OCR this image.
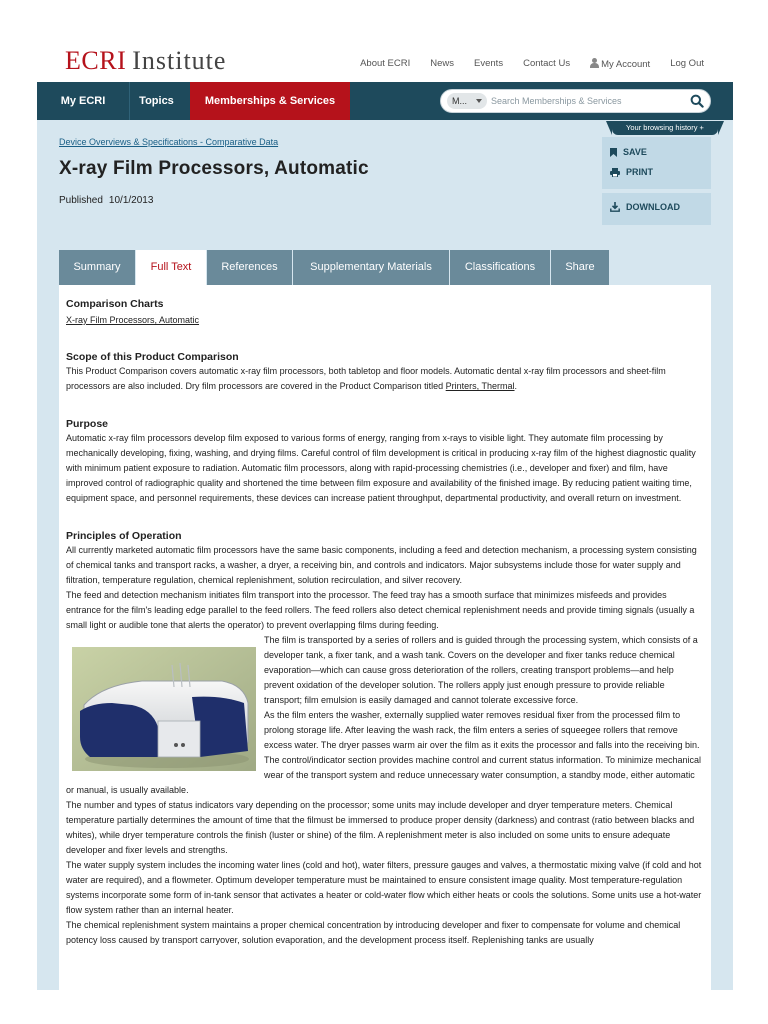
ECRI Institute	About ECRI News Events Contact Us	My Account Log Out
My ECRI	Topics	Memberships & Services	M...
Search Memberships & Services
Your browsing history +
Device Overviews & Specifications - Comparative Data
X-ray Film Processors, Automatic
Published 10/1/2013
SAVE
PRINT
DOWNLOAD
Summary	Full Text	References	Supplementary Materials	Classifications	Share
Comparison Charts

X-ray Film Processors, Automatic

Scope of this Product Comparison

This Product Comparison covers automatic x-ray film processors, both tabletop and floor models. Automatic dental x-ray film processors and sheet-film processors are also included. Dry film processors are covered in the Product Comparison titled Printers, Thermal.

Purpose

Automatic x-ray film processors develop film exposed to various forms of energy, ranging from x-rays to visible light. They automate film processing by mechanically developing, fixing, washing, and drying films. Careful control of film development is critical in producing x-ray film of the highest diagnostic quality with minimum patient exposure to radiation. Automatic film processors, along with rapid-processing chemistries (i.e., developer and fixer) and film, have improved control of radiographic quality and shortened the time between film exposure and availability of the finished image. By reducing patient waiting time, equipment space, and personnel requirements, these devices can increase patient throughput, departmental productivity, and overall return on investment.

Principles of Operation

All currently marketed automatic film processors have the same basic components, including a feed and detection mechanism, a processing system consisting of chemical tanks and transport racks, a washer, a dryer, a receiving bin, and controls and indicators. Major subsystems include those for water supply and filtration, temperature regulation, chemical replenishment, solution recirculation, and silver recovery.

The feed and detection mechanism initiates film transport into the processor. The feed tray has a smooth surface that minimizes misfeeds and provides entrance for the film's leading edge parallel to the feed rollers. The feed rollers also detect chemical replenishment needs and provide timing signals (usually a small light or audible tone that alerts the operator) to prevent overlapping films during feeding.

The film is transported by a series of rollers and is guided through the processing system, which consists of a developer tank, a fixer tank, and a wash tank. Covers on the developer and fixer tanks reduce chemical evaporation—which can cause gross deterioration of the rollers, creating transport problems—and help prevent oxidation of the developer solution. The rollers apply just enough pressure to provide reliable transport; film emulsion is easily damaged and cannot tolerate excessive force.

As the film enters the washer, externally supplied water removes residual fixer from the processed film to prolong storage life. After leaving the wash rack, the film enters a series of squeegee rollers that remove excess water. The dryer passes warm air over the film as it exits the processor and falls into the receiving bin.

The control/indicator section provides machine control and current status information. To minimize mechanical wear of the transport system and reduce unnecessary water consumption, a standby mode, either automatic or manual, is usually available.

The number and types of status indicators vary depending on the processor; some units may include developer and dryer temperature meters. Chemical temperature partially determines the amount of time that the filmust be immersed to produce proper density (darkness) and contrast (ratio between blacks and whites), while dryer temperature controls the finish (luster or shine) of the film. A replenishment meter is also included on some units to ensure adequate developer and fixer levels and strengths.

The water supply system includes the incoming water lines (cold and hot), water filters, pressure gauges and valves, a thermostatic mixing valve (if cold and hot water are required), and a flowmeter. Optimum developer temperature must be maintained to ensure consistent image quality. Most temperature-regulation systems incorporate some form of in-tank sensor that activates a heater or cold-water flow which either heats or cools the solutions. Some units use a hot-water flow system rather than an internal heater.

The chemical replenishment system maintains a proper chemical concentration by introducing developer and fixer to compensate for volume and chemical potency loss caused by transport carryover, solution evaporation, and the development process itself. Replenishing tanks are usually
